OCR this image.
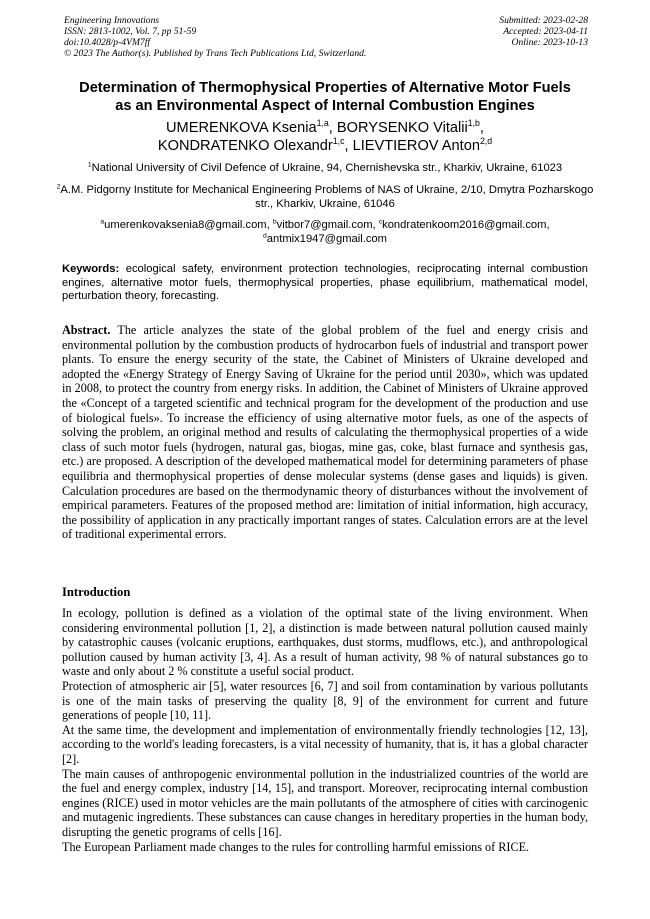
Engineering Innovations
ISSN: 2813-1002, Vol. 7, pp 51-59
doi:10.4028/p-4VM7ff
© 2023 The Author(s). Published by Trans Tech Publications Ltd, Switzerland.
Submitted: 2023-02-28
Accepted: 2023-04-11
Online: 2023-10-13
Determination of Thermophysical Properties of Alternative Motor Fuels
as an Environmental Aspect of Internal Combustion Engines
UMERENKOVA Ksenia$^{1,a}$, BORYSENKO Vitalii$^{1,b}$,
KONDRATENKO Olexandr$^{1,c}$, LIEVTIEROV Anton$^{2,d}$
$^1$National University of Civil Defence of Ukraine, 94, Chernishevska str., Kharkiv, Ukraine, 61023
$^2$A.M. Pidgorny Institute for Mechanical Engineering Problems of NAS of Ukraine, 2/10, Dmytra Pozharskogo str., Kharkiv, Ukraine, 61046
$^a$umerenkovaksenia8@gmail.com, $^b$vitbor7@gmail.com, $^c$kondratenkoom2016@gmail.com,
$^d$antmix1947@gmail.com
Keywords: ecological safety, environment protection technologies, reciprocating internal combustion engines, alternative motor fuels, thermophysical properties, phase equilibrium, mathematical model, perturbation theory, forecasting.
Abstract. The article analyzes the state of the global problem of the fuel and energy crisis and environmental pollution by the combustion products of hydrocarbon fuels of industrial and transport power plants. To ensure the energy security of the state, the Cabinet of Ministers of Ukraine developed and adopted the «Energy Strategy of Energy Saving of Ukraine for the period until 2030», which was updated in 2008, to protect the country from energy risks. In addition, the Cabinet of Ministers of Ukraine approved the «Concept of a targeted scientific and technical program for the development of the production and use of biological fuels». To increase the efficiency of using alternative motor fuels, as one of the aspects of solving the problem, an original method and results of calculating the thermophysical properties of a wide class of such motor fuels (hydrogen, natural gas, biogas, mine gas, coke, blast furnace and synthesis gas, etc.) are proposed. A description of the developed mathematical model for determining parameters of phase equilibria and thermophysical properties of dense molecular systems (dense gases and liquids) is given. Calculation procedures are based on the thermodynamic theory of disturbances without the involvement of empirical parameters. Features of the proposed method are: limitation of initial information, high accuracy, the possibility of application in any practically important ranges of states. Calculation errors are at the level of traditional experimental errors.
Introduction

In ecology, pollution is defined as a violation of the optimal state of the living environment. When considering environmental pollution [1, 2], a distinction is made between natural pollution caused mainly by catastrophic causes (volcanic eruptions, earthquakes, dust storms, mudflows, etc.), and anthropological pollution caused by human activity [3, 4]. As a result of human activity, 98 % of natural substances go to waste and only about 2 % constitute a useful social product.

Protection of atmospheric air [5], water resources [6, 7] and soil from contamination by various pollutants is one of the main tasks of preserving the quality [8, 9] of the environment for current and future generations of people [10, 11].

At the same time, the development and implementation of environmentally friendly technologies [12, 13], according to the world's leading forecasters, is a vital necessity of humanity, that is, it has a global character [2].

The main causes of anthropogenic environmental pollution in the industrialized countries of the world are the fuel and energy complex, industry [14, 15], and transport. Moreover, reciprocating internal combustion engines (RICE) used in motor vehicles are the main pollutants of the atmosphere of cities with carcinogenic and mutagenic ingredients. These substances can cause changes in hereditary properties in the human body, disrupting the genetic programs of cells [16].

The European Parliament made changes to the rules for controlling harmful emissions of RICE.
